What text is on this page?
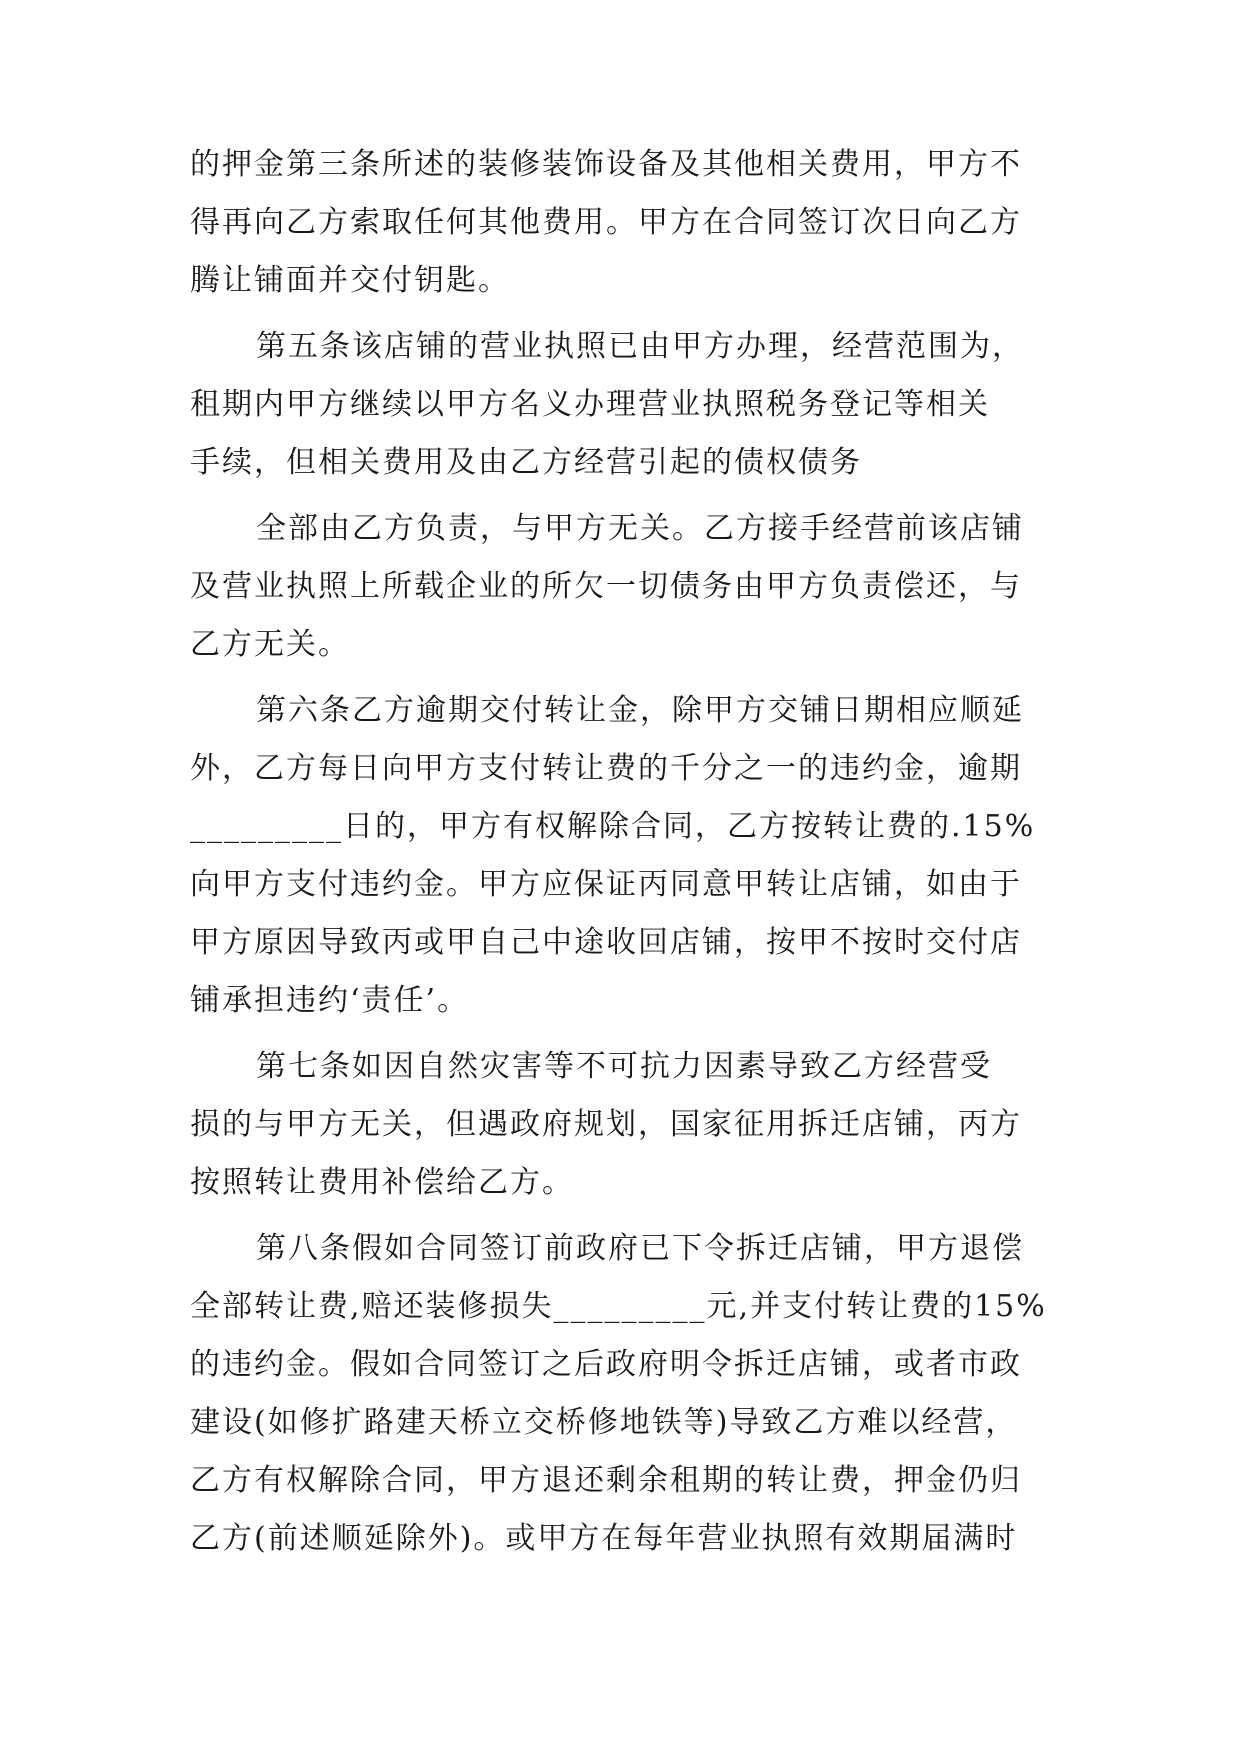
的押金第三条所述的装修装饰设备及其他相关费用，甲方不
得再向乙方索取任何其他费用。甲方在合同签订次日向乙方
腾让铺面并交付钥匙。
第五条该店铺的营业执照已由甲方办理，经营范围为，
租期内甲方继续以甲方名义办理营业执照税务登记等相关
手续，但相关费用及由乙方经营引起的债权债务
全部由乙方负责，与甲方无关。乙方接手经营前该店铺
及营业执照上所载企业的所欠一切债务由甲方负责偿还，与
乙方无关。
第六条乙方逾期交付转让金，除甲方交铺日期相应顺延
外，乙方每日向甲方支付转让费的千分之一的违约金，逾期
_________日的，甲方有权解除合同，乙方按转让费的.15%
向甲方支付违约金。甲方应保证丙同意甲转让店铺，如由于
甲方原因导致丙或甲自己中途收回店铺，按甲不按时交付店
铺承担违约‘责任’。
第七条如因自然灾害等不可抗力因素导致乙方经营受
损的与甲方无关，但遇政府规划，国家征用拆迁店铺，丙方
按照转让费用补偿给乙方。
第八条假如合同签订前政府已下令拆迁店铺，甲方退偿
全部转让费,赔还装修损失_________元,并支付转让费的15%
的违约金。假如合同签订之后政府明令拆迁店铺，或者市政
建设(如修扩路建天桥立交桥修地铁等)导致乙方难以经营，
乙方有权解除合同，甲方退还剩余租期的转让费，押金仍归
乙方(前述顺延除外)。或甲方在每年营业执照有效期届满时
